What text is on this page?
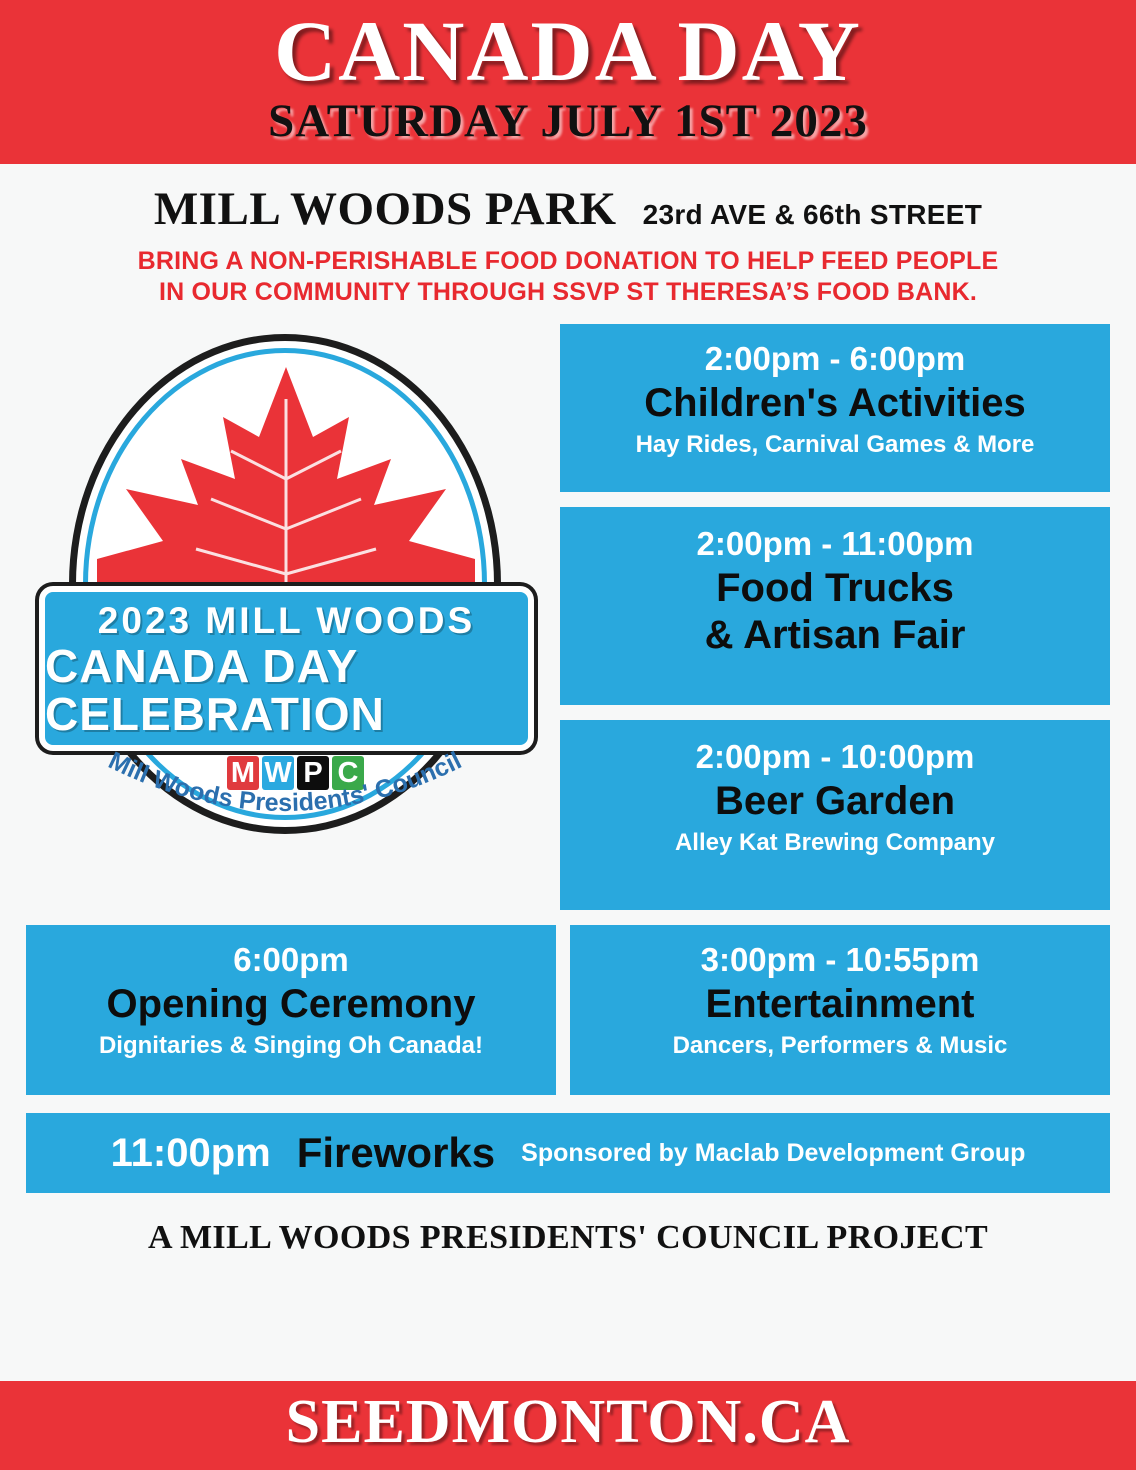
CANADA DAY
SATURDAY JULY 1ST 2023
MILL WOODS PARK 23rd AVE & 66th STREET
BRING A NON-PERISHABLE FOOD DONATION TO HELP FEED PEOPLE
IN OUR COMMUNITY THROUGH SSVP ST THERESA’S FOOD BANK.
2023 MILL WOODS
CANADA DAY CELEBRATION
M W P C
Mill Woods Presidents' Council
2:00pm - 6:00pm
Children's Activities
Hay Rides, Carnival Games & More
2:00pm - 11:00pm
Food Trucks
& Artisan Fair
2:00pm - 10:00pm
Beer Garden
Alley Kat Brewing Company
6:00pm
Opening Ceremony
Dignitaries & Singing Oh Canada!
3:00pm - 10:55pm
Entertainment
Dancers, Performers & Music
11:00pm Fireworks Sponsored by Maclab Development Group
A MILL WOODS PRESIDENTS' COUNCIL PROJECT
SEEDMONTON.CA
